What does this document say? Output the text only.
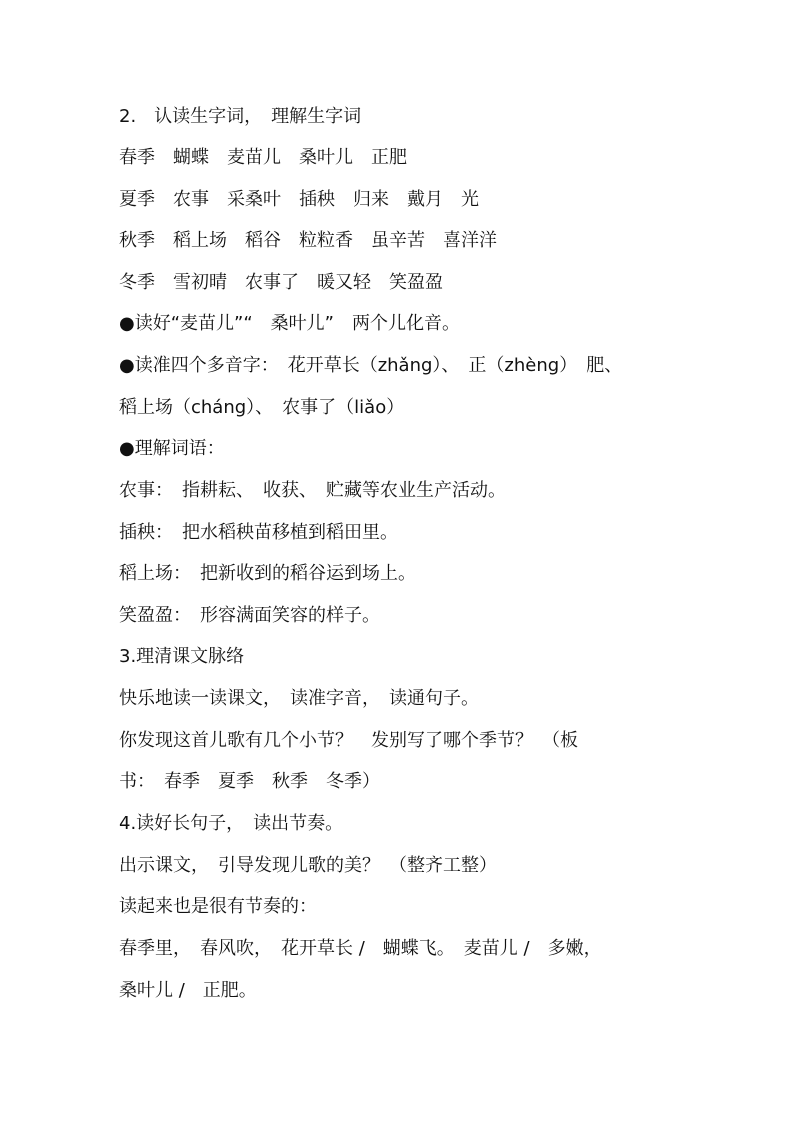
2.　认读生字词，　理解生字词
春季　蝴蝶　麦苗儿　桑叶儿　正肥
夏季　农事　采桑叶　插秧　归来　戴月　光
秋季　稻上场　稻谷　粒粒香　虽辛苦　喜洋洋
冬季　雪初晴　农事了　暖又轻　笑盈盈
●读好“麦苗儿”“　桑叶儿”　两个儿化音。
●读准四个多音字：　花开草长（zhǎng）、　正（zhèng）　肥、
稻上场（cháng）、　农事了（liǎo）
●理解词语：
农事：　指耕耘、　收获、　贮藏等农业生产活动。
插秧：　把水稻秧苗移植到稻田里。
稻上场：　把新收到的稻谷运到场上。
笑盈盈：　形容满面笑容的样子。
3.理清课文脉络
快乐地读一读课文，　读准字音，　读通句子。
你发现这首儿歌有几个小节？　发别写了哪个季节？　（板
书：　春季　夏季　秋季　冬季）
4.读好长句子，　读出节奏。
出示课文，　引导发现儿歌的美？　（整齐工整）
读起来也是很有节奏的：
春季里，　春风吹，　花开草长 /　蝴蝶飞。　麦苗儿 /　多嫩，
桑叶儿 /　正肥。
